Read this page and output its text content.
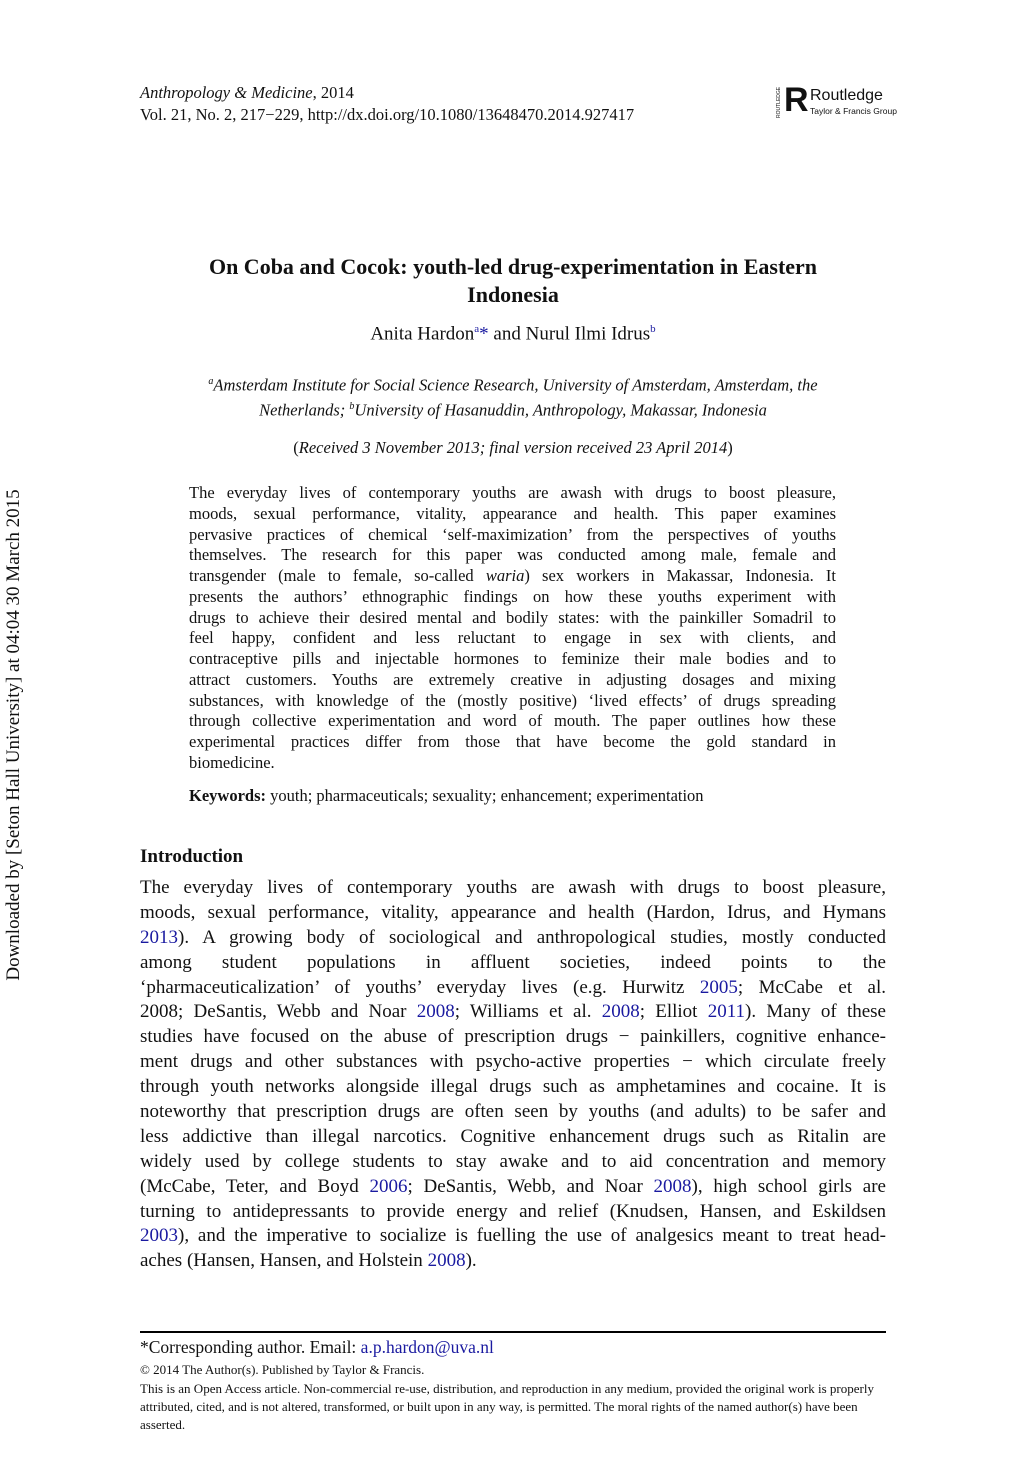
Anthropology & Medicine, 2014
Vol. 21, No. 2, 217−229, http://dx.doi.org/10.1080/13648470.2014.927417	ROUTLEDGE R Routledge
Taylor & Francis Group
On Coba and Cocok: youth-led drug-experimentation in Eastern
Indonesia
Anita Hardon$^a$* and Nurul Ilmi Idrus$^b$
$^a$Amsterdam Institute for Social Science Research, University of Amsterdam, Amsterdam, the
Netherlands; $^b$University of Hasanuddin, Anthropology, Makassar, Indonesia
(Received 3 November 2013; final version received 23 April 2014)
The everyday lives of contemporary youths are awash with drugs to boost pleasure,
moods, sexual performance, vitality, appearance and health. This paper examines
pervasive practices of chemical ‘self-maximization’ from the perspectives of youths
themselves. The research for this paper was conducted among male, female and
transgender (male to female, so-called waria) sex workers in Makassar, Indonesia. It
presents the authors’ ethnographic findings on how these youths experiment with
drugs to achieve their desired mental and bodily states: with the painkiller Somadril to
feel happy, confident and less reluctant to engage in sex with clients, and
contraceptive pills and injectable hormones to feminize their male bodies and to
attract customers. Youths are extremely creative in adjusting dosages and mixing
substances, with knowledge of the (mostly positive) ‘lived effects’ of drugs spreading
through collective experimentation and word of mouth. The paper outlines how these
experimental practices differ from those that have become the gold standard in
biomedicine.
Keywords: youth; pharmaceuticals; sexuality; enhancement; experimentation
Introduction
The everyday lives of contemporary youths are awash with drugs to boost pleasure,
moods, sexual performance, vitality, appearance and health (Hardon, Idrus, and Hymans
2013). A growing body of sociological and anthropological studies, mostly conducted
among student populations in affluent societies, indeed points to the
‘pharmaceuticalization’ of youths’ everyday lives (e.g. Hurwitz 2005; McCabe et al.
2008; DeSantis, Webb and Noar 2008; Williams et al. 2008; Elliot 2011). Many of these
studies have focused on the abuse of prescription drugs − painkillers, cognitive enhance-
ment drugs and other substances with psycho-active properties − which circulate freely
through youth networks alongside illegal drugs such as amphetamines and cocaine. It is
noteworthy that prescription drugs are often seen by youths (and adults) to be safer and
less addictive than illegal narcotics. Cognitive enhancement drugs such as Ritalin are
widely used by college students to stay awake and to aid concentration and memory
(McCabe, Teter, and Boyd 2006; DeSantis, Webb, and Noar 2008), high school girls are
turning to antidepressants to provide energy and relief (Knudsen, Hansen, and Eskildsen
2003), and the imperative to socialize is fuelling the use of analgesics meant to treat head-
aches (Hansen, Hansen, and Holstein 2008).
*Corresponding author. Email: a.p.hardon@uva.nl
© 2014 The Author(s). Published by Taylor & Francis.
This is an Open Access article. Non-commercial re-use, distribution, and reproduction in any medium, provided the original work is properly attributed, cited, and is not altered, transformed, or built upon in any way, is permitted. The moral rights of the named author(s) have been asserted.
Downloaded by [Seton Hall University] at 04:04 30 March 2015
